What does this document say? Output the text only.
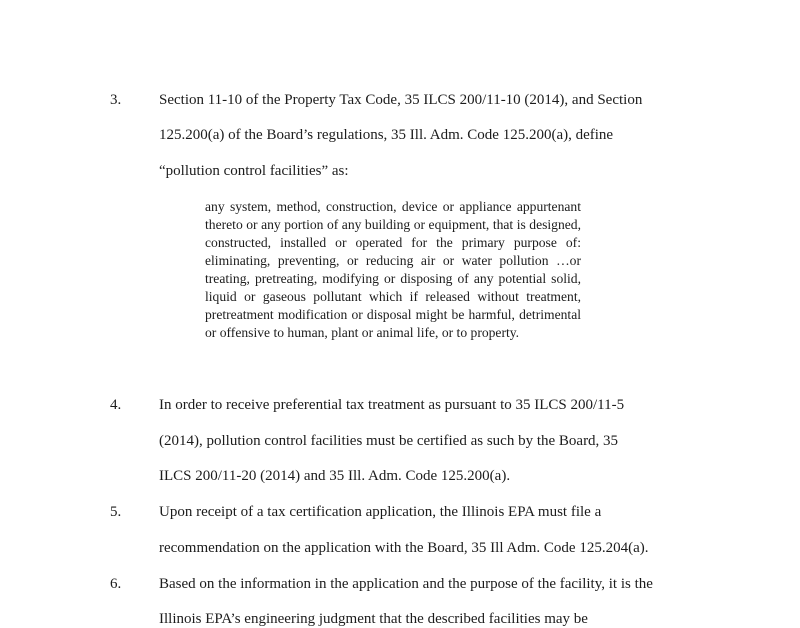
3.	Section 11-10 of the Property Tax Code, 35 ILCS 200/11-10 (2014), and Section
125.200(a) of the Board’s regulations, 35 Ill. Adm. Code 125.200(a), define
“pollution control facilities” as:

any system, method, construction, device or appliance appurtenant thereto or any portion of any building or equipment, that is designed, constructed, installed or operated for the primary purpose of: eliminating, preventing, or reducing air or water pollution …or treating, pretreating, modifying or disposing of any potential solid, liquid or gaseous pollutant which if released without treatment, pretreatment modification or disposal might be harmful, detrimental or offensive to human, plant or animal life, or to property.

4.	In order to receive preferential tax treatment as pursuant to 35 ILCS 200/11-5
(2014), pollution control facilities must be certified as such by the Board, 35
ILCS 200/11-20 (2014) and 35 Ill. Adm. Code 125.200(a).
5.	Upon receipt of a tax certification application, the Illinois EPA must file a
recommendation on the application with the Board, 35 Ill Adm. Code 125.204(a).
6.	Based on the information in the application and the purpose of the facility, it is the
Illinois EPA’s engineering judgment that the described facilities may be
